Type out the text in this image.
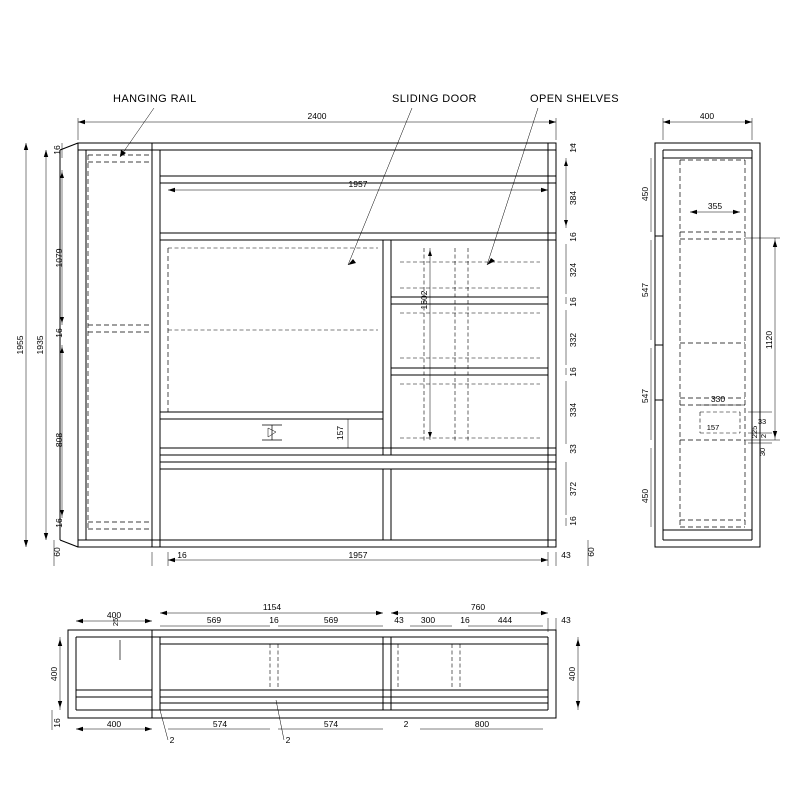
2400
1957
1957
16	43
1955 1935
16
1079
16
808
16
60
14
384
16
324
16
332
16
334
33
372
16
60
1602
157
400
450
547
547
450
355
1120
330
157
33
2
225
30
400
1154	760
569	16	569	43 300	16	444	43
400
16
25
400
400	574	574	2	800
2	2
HANGING RAIL	SLIDING DOOR	OPEN SHELVES
